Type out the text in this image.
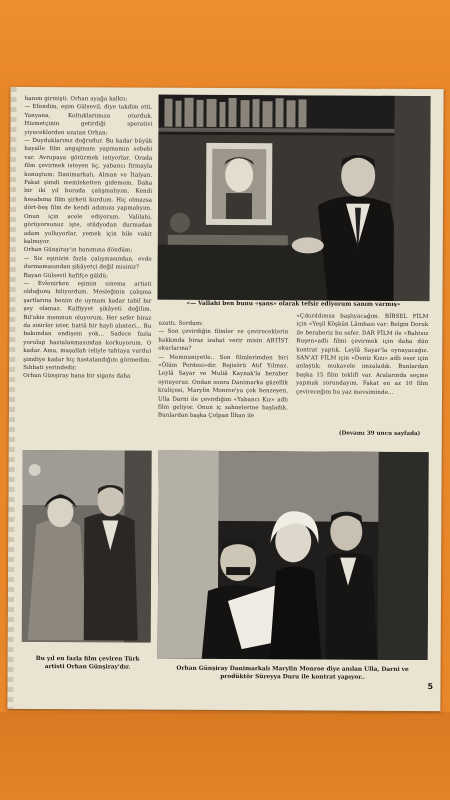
hanım girmişti. Orhan ayağa kalktı:

— Efendim, eşim Gülsevil, diye takdim etti. Yanyana, Koltuklarımıza oturduk. Hizmetçinin getirdiği sperativi yiyeceklerden uzatan Orhan;

— Duyduklarınız doğrudur. Bu kadar büyük hayalle film angajmanı yapmamın sebebi var. Avrupaya götürmek istiyorlar. Orada film çevirmek isteyen üç, yabancı firmayla konuştum: Danimarkalı, Alman ve İtalyan. Fakat şimdi memleketten gidemem. Daha bir iki yıl burada çalışmalıyım. Kendi hesabıma film şirketi kurdum. Hiç olmazsa dört-beş film de kendi adımıza yapmalıyım. Onun için acele ediyorum. Valilahi, görüyorsunuz işte, stüdyodan durmadan adam yolluyorlar, yemek için bile vakit kalmıyor.

Orhan Günşiray'ın hanımına döndüm:

— Siz eşinizin fazla çalışmasından, evde durmamasından şikâyetçi değil misiniz?

Bayan Gülsevil hafifçe güldü:

— Evlenirken eşimin sinema artisti olduğunu biliyordum. Mesleğinin çalışma şartlarına benim de uymam kadar tabiî bir şey olamaz. Kalfiyyet şikâyeti değilim. Bil'akis memnun oluyorum. Her sefer biraz da sinirler ister, hattâ bir hayli alınteri... Bu bakımdan endişem yok... Sadece fazla yorulup hastalanmasından korkuyorum. O kadar. Ama, maşallah (eliyle tahtaya vurdu) şimdiye kadar hiç hastalandığını görmedim. Sıhhati yerindedir.

Orhan Günşiray bana bir sigara daha

«— Vallahi ben bunu «şans» olarak tefsir ediyorum sanım varmış»

uzattı. Sordum:

— Son çevirdiğin filmler ve çevireceklerin hakkında biraz izahat verir misin ARTİST okurlarına?

— Memnuniyetle.. Son filmlerimden biri «Ölüm Perdesi»dir. Rejisörü Atıf Yılmaz. Leylâ Sayar ve Muliâ Kaynak'la beraber oynuyoruz. Ondan sonra Danimarka güzellik kraliçesi, Marylin Monroe'ya çok benzeyen, Ulla Darni ile çevirdiğim «Yabancı Kız» adlı film geliyor. Onun iç sahnelerine başladık. Bunlardan başka Çolpan İlhan ile

«Çıkırıldımsa başlıyacağım. BİRSEL FİLM için «Yeşil Köşkün Lâmbası var: Belgin Doruk ile beraberiz bu sefer. DAR FİLM ile «Bahtsız Ruşen»adlı filmi çevirmek için daha dün kontrat yaptık. Leylâ Sayar'la oynayacağız. SAN'AT FİLM için «Deniz Kızı» adlı eser için anlaştık; mukavele imzaladık. Bunlardan başka 15 film teklifi var. Aralarında seçme yapmak zorundayım. Fakat en az 10 film çevireceğim bu yaz mevsiminde...

(Devamı 39 uncu sayfada)
Bu yıl en fazla film çeviren Türk artisti Orhan Günşiray'dır.	Orhan Günşiray Danimarkalı Marylin Monroe diye anılan Ulla, Darni ve prodüktör Süreyya Duru ile kontrat yapıyor..
5
